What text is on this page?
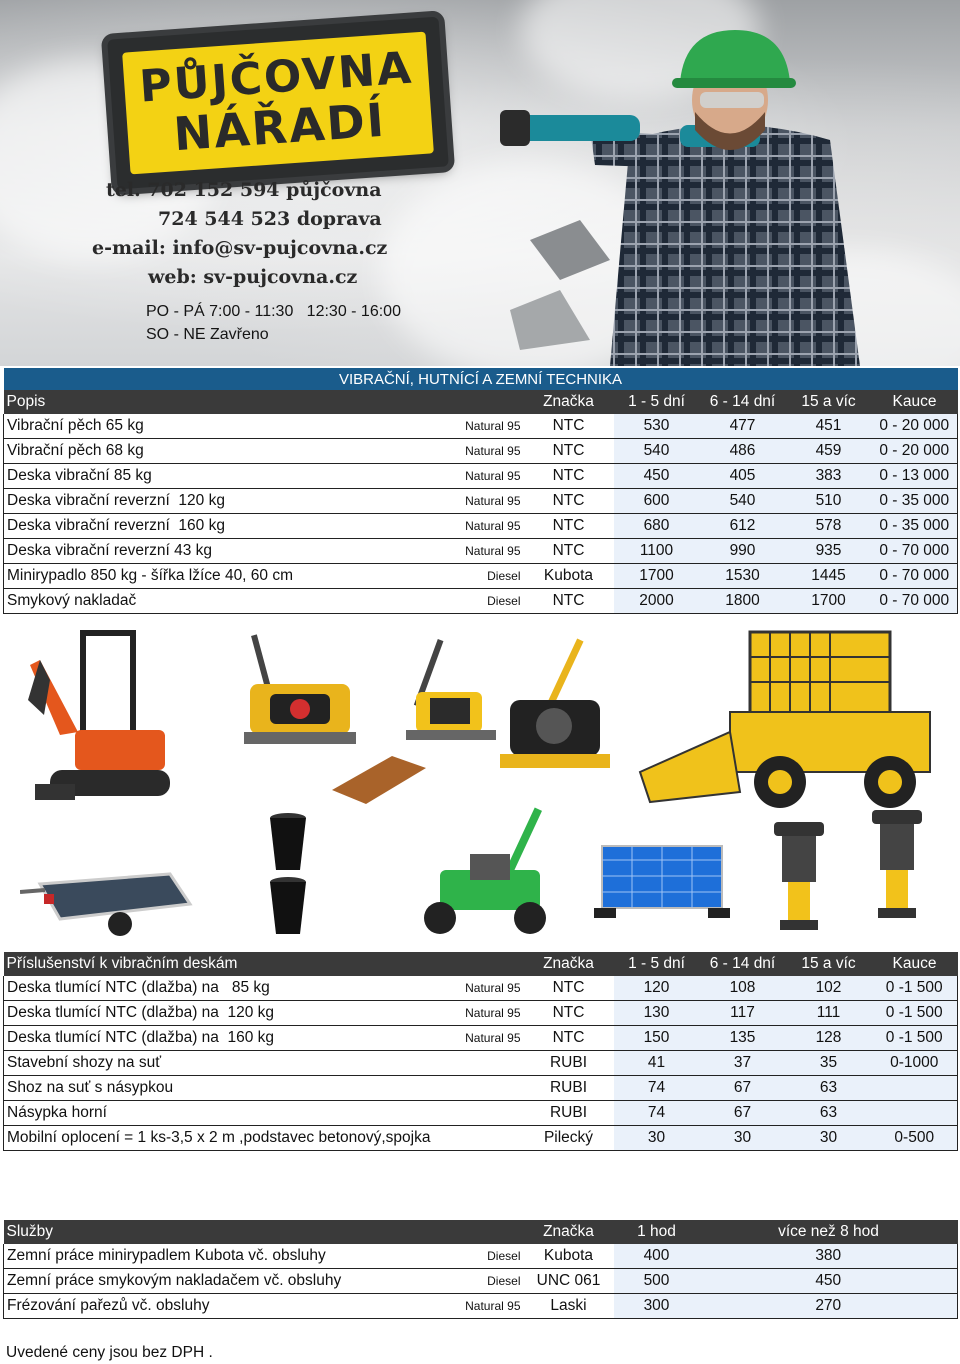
PŮJČOVNA
NÁŘADÍ
tel. 702 152 594 půjčovna
724 544 523 doprava
e-mail: info@sv-pujcovna.cz
web: sv-pujcovna.cz
PO - PÁ 7:00 - 11:30   12:30 - 16:00
SO - NE Zavřeno
VIBRAČNÍ, HUTNÍCÍ A ZEMNÍ TECHNIKA						
Popis		Značka	1 - 5 dní	6 - 14 dní	15 a víc	Kauce
Vibrační pěch 65 kg	Natural 95	NTC	530	477	451	0 - 20 000
Vibrační pěch 68 kg	Natural 95	NTC	540	486	459	0 - 20 000
Deska vibrační 85 kg	Natural 95	NTC	450	405	383	0 - 13 000
Deska vibrační reverzní  120 kg	Natural 95	NTC	600	540	510	0 - 35 000
Deska vibrační reverzní  160 kg	Natural 95	NTC	680	612	578	0 - 35 000
Deska vibrační reverzní 43 kg	Natural 95	NTC	1100	990	935	0 - 70 000
Minirypadlo 850 kg - šířka lžíce 40, 60 cm	Diesel	Kubota	1700	1530	1445	0 - 70 000
Smykový nakladač	Diesel	NTC	2000	1800	1700	0 - 70 000
Příslušenství k vibračním deskám		Značka	1 - 5 dní	6 - 14 dní	15 a víc	Kauce
Deska tlumící NTC (dlažba) na   85 kg	Natural 95	NTC	120	108	102	0 -1 500
Deska tlumící NTC (dlažba) na  120 kg	Natural 95	NTC	130	117	111	0 -1 500
Deska tlumící NTC (dlažba) na  160 kg	Natural 95	NTC	150	135	128	0 -1 500
Stavební shozy na suť		RUBI	41	37	35	0-1000
Shoz na suť s násypkou		RUBI	74	67	63	
Násypka horní		RUBI	74	67	63	
Mobilní oplocení = 1 ks-3,5 x 2 m ,podstavec betonový,spojka		Pilecký	30	30	30	0-500
Služby		Značka	1 hod	více než 8 hod
Zemní práce minirypadlem Kubota vč. obsluhy	Diesel	Kubota	400	380
Zemní práce smykovým nakladačem vč. obsluhy	Diesel	UNC 061	500	450
Frézování pařezů vč. obsluhy	Natural 95	Laski	300	270
Uvedené ceny jsou bez DPH .
